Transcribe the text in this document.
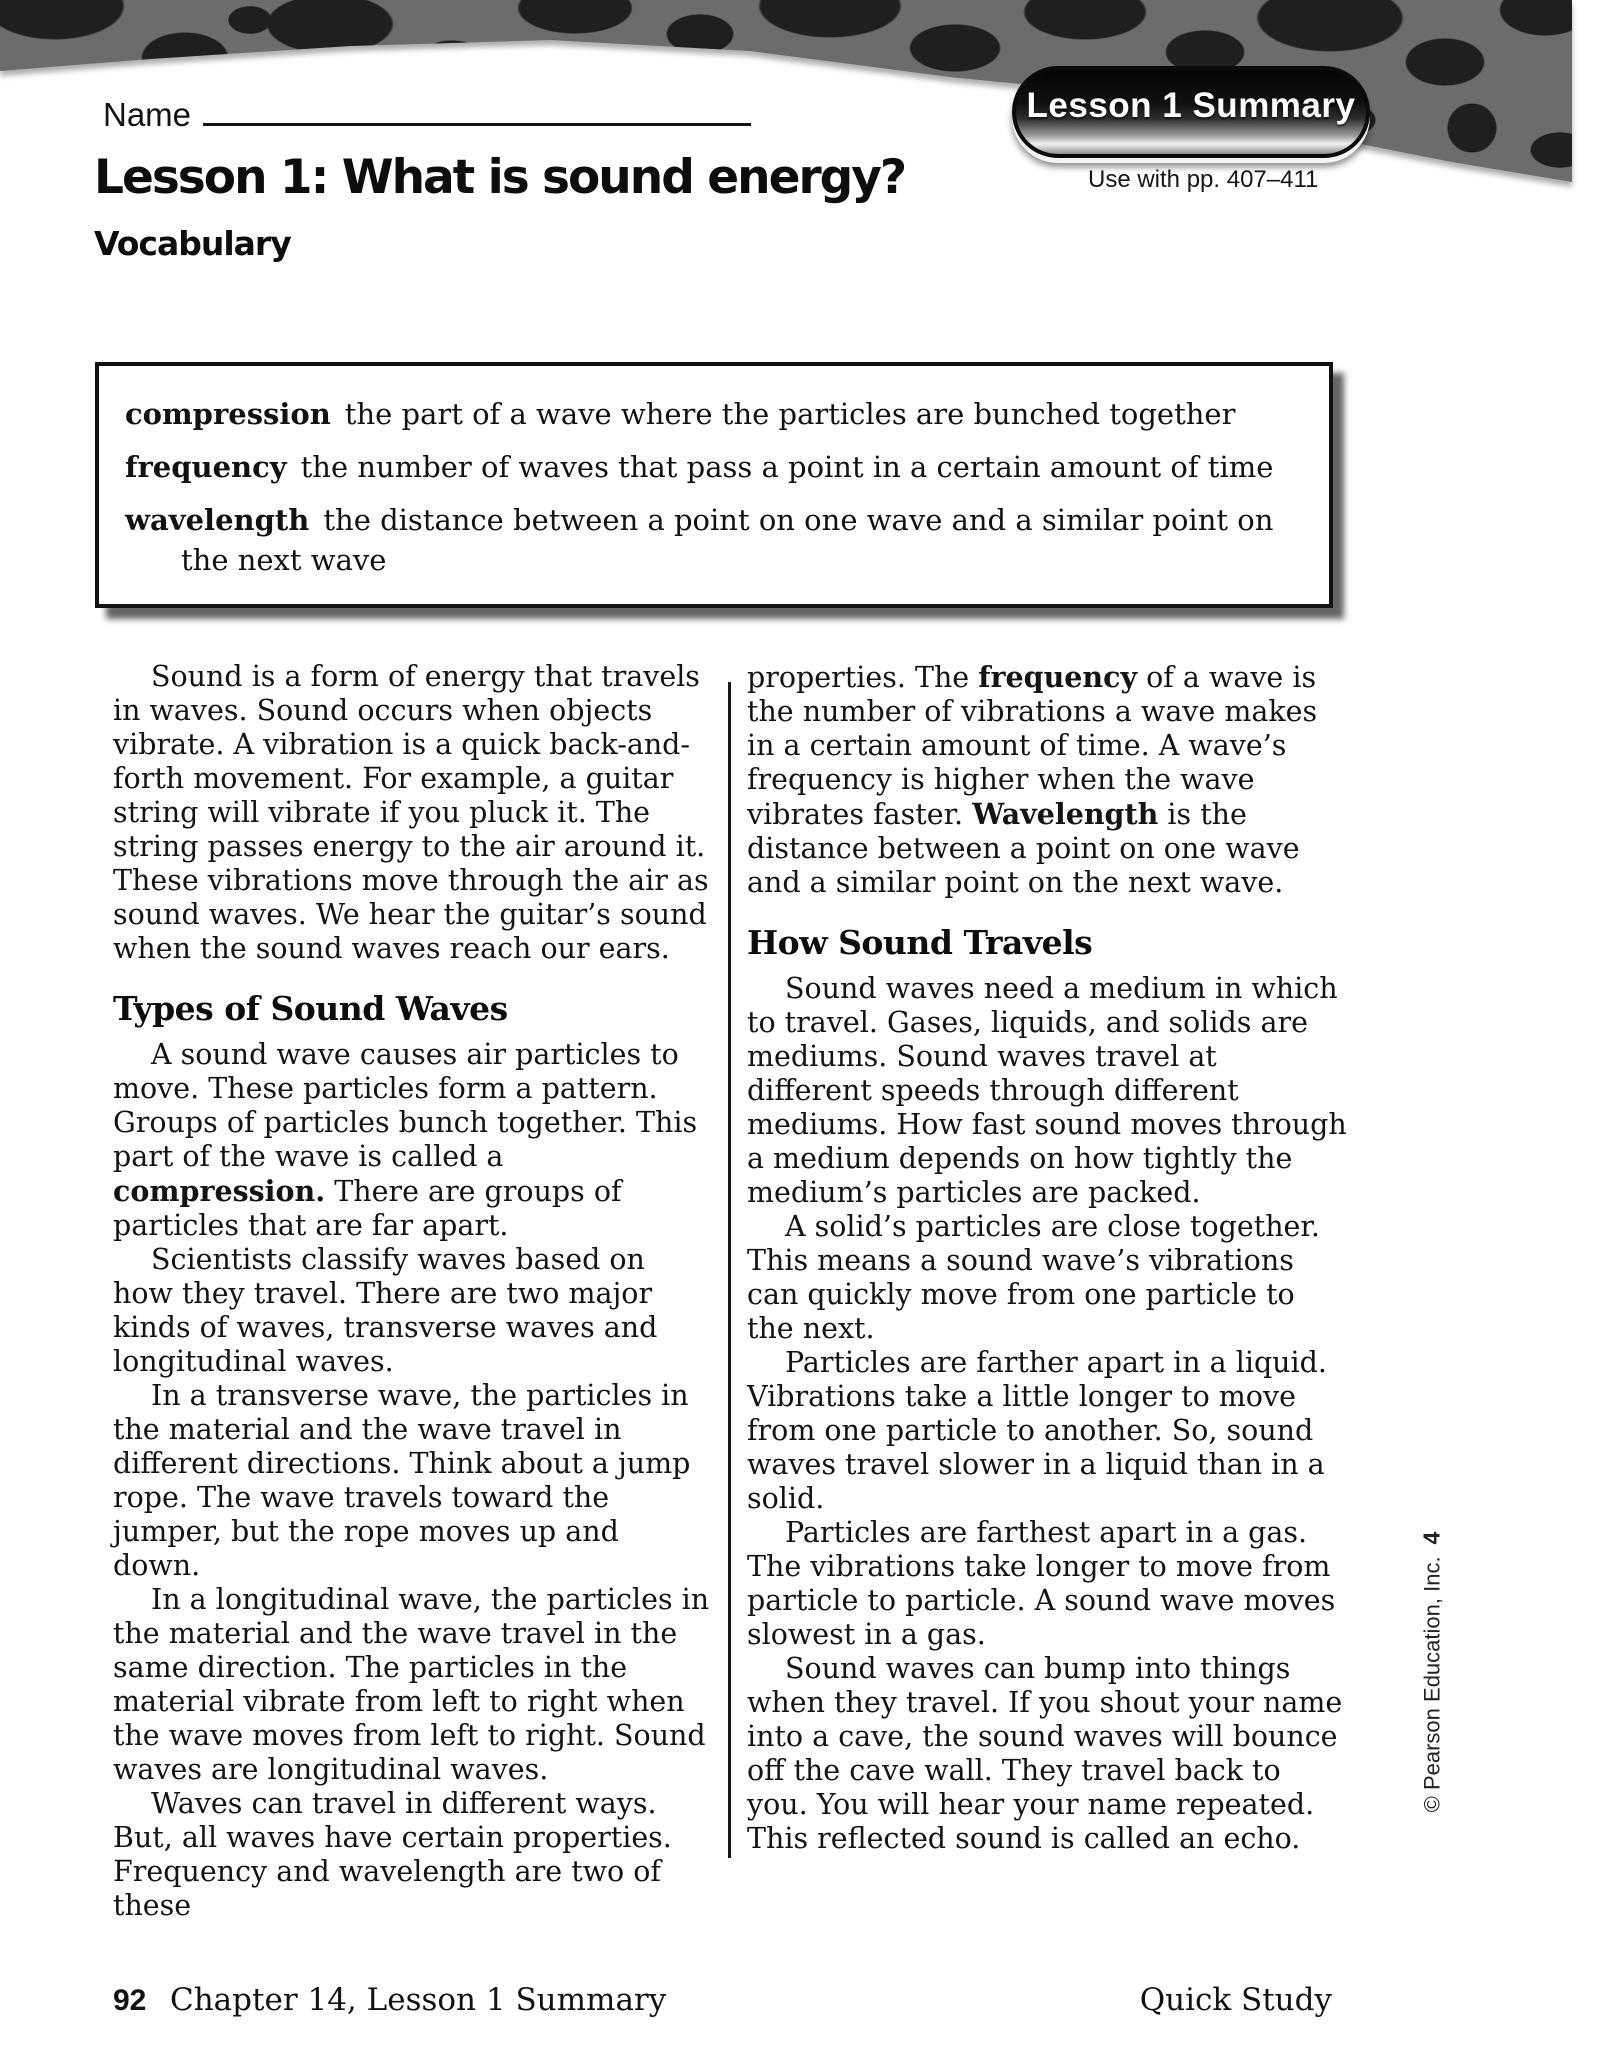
Name	Lesson 1 Summary
Use with pp. 407–411
Lesson 1: What is sound energy?
Vocabulary
compression the part of a wave where the particles are bunched together
frequency the number of waves that pass a point in a certain amount of time
wavelength the distance between a point on one wave and a similar point on the next wave

Sound is a form of energy that travels in waves. Sound occurs when objects vibrate. A vibration is a quick back-and-forth movement. For example, a guitar string will vibrate if you pluck it. The string passes energy to the air around it. These vibrations move through the air as sound waves. We hear the guitar’s sound when the sound waves reach our ears.

Types of Sound Waves

A sound wave causes air particles to move. These particles form a pattern. Groups of particles bunch together. This part of the wave is called a compression. There are groups of particles that are far apart.

Scientists classify waves based on how they travel. There are two major kinds of waves, transverse waves and longitudinal waves.

In a transverse wave, the particles in the material and the wave travel in different directions. Think about a jump rope. The wave travels toward the jumper, but the rope moves up and down.

In a longitudinal wave, the particles in the material and the wave travel in the same direction. The particles in the material vibrate from left to right when the wave moves from left to right. Sound waves are longitudinal waves.

Waves can travel in different ways. But, all waves have certain properties. Frequency and wavelength are two of these

properties. The frequency of a wave is the number of vibrations a wave makes in a certain amount of time. A wave’s frequency is higher when the wave vibrates faster. Wavelength is the distance between a point on one wave and a similar point on the next wave.

How Sound Travels

Sound waves need a medium in which to travel. Gases, liquids, and solids are mediums. Sound waves travel at different speeds through different mediums. How fast sound moves through a medium depends on how tightly the medium’s particles are packed.

A solid’s particles are close together. This means a sound wave’s vibrations can quickly move from one particle to the next.

Particles are farther apart in a liquid. Vibrations take a little longer to move from one particle to another. So, sound waves travel slower in a liquid than in a solid.

Particles are farthest apart in a gas. The vibrations take longer to move from particle to particle. A sound wave moves slowest in a gas.

Sound waves can bump into things when they travel. If you shout your name into a cave, the sound waves will bounce off the cave wall. They travel back to you. You will hear your name repeated. This reflected sound is called an echo.

© Pearson Education, Inc.4
92 Chapter 14, Lesson 1 Summary	Quick Study
